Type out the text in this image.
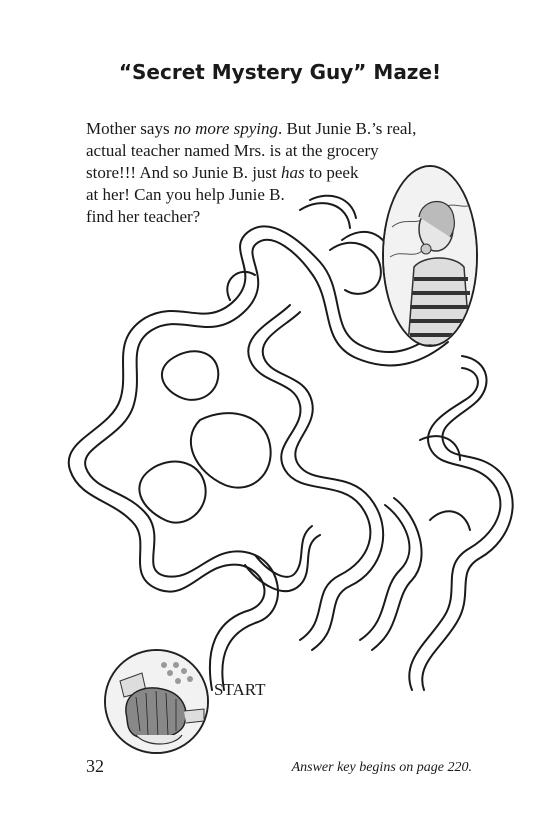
“Secret Mystery Guy” Maze!
Mother says no more spying. But Junie B.’s real,
actual teacher named Mrs. is at the grocery
store!!! And so Junie B. just has to peek
at her! Can you help Junie B.
find her teacher?
START
32	Answer key begins on page 220.
